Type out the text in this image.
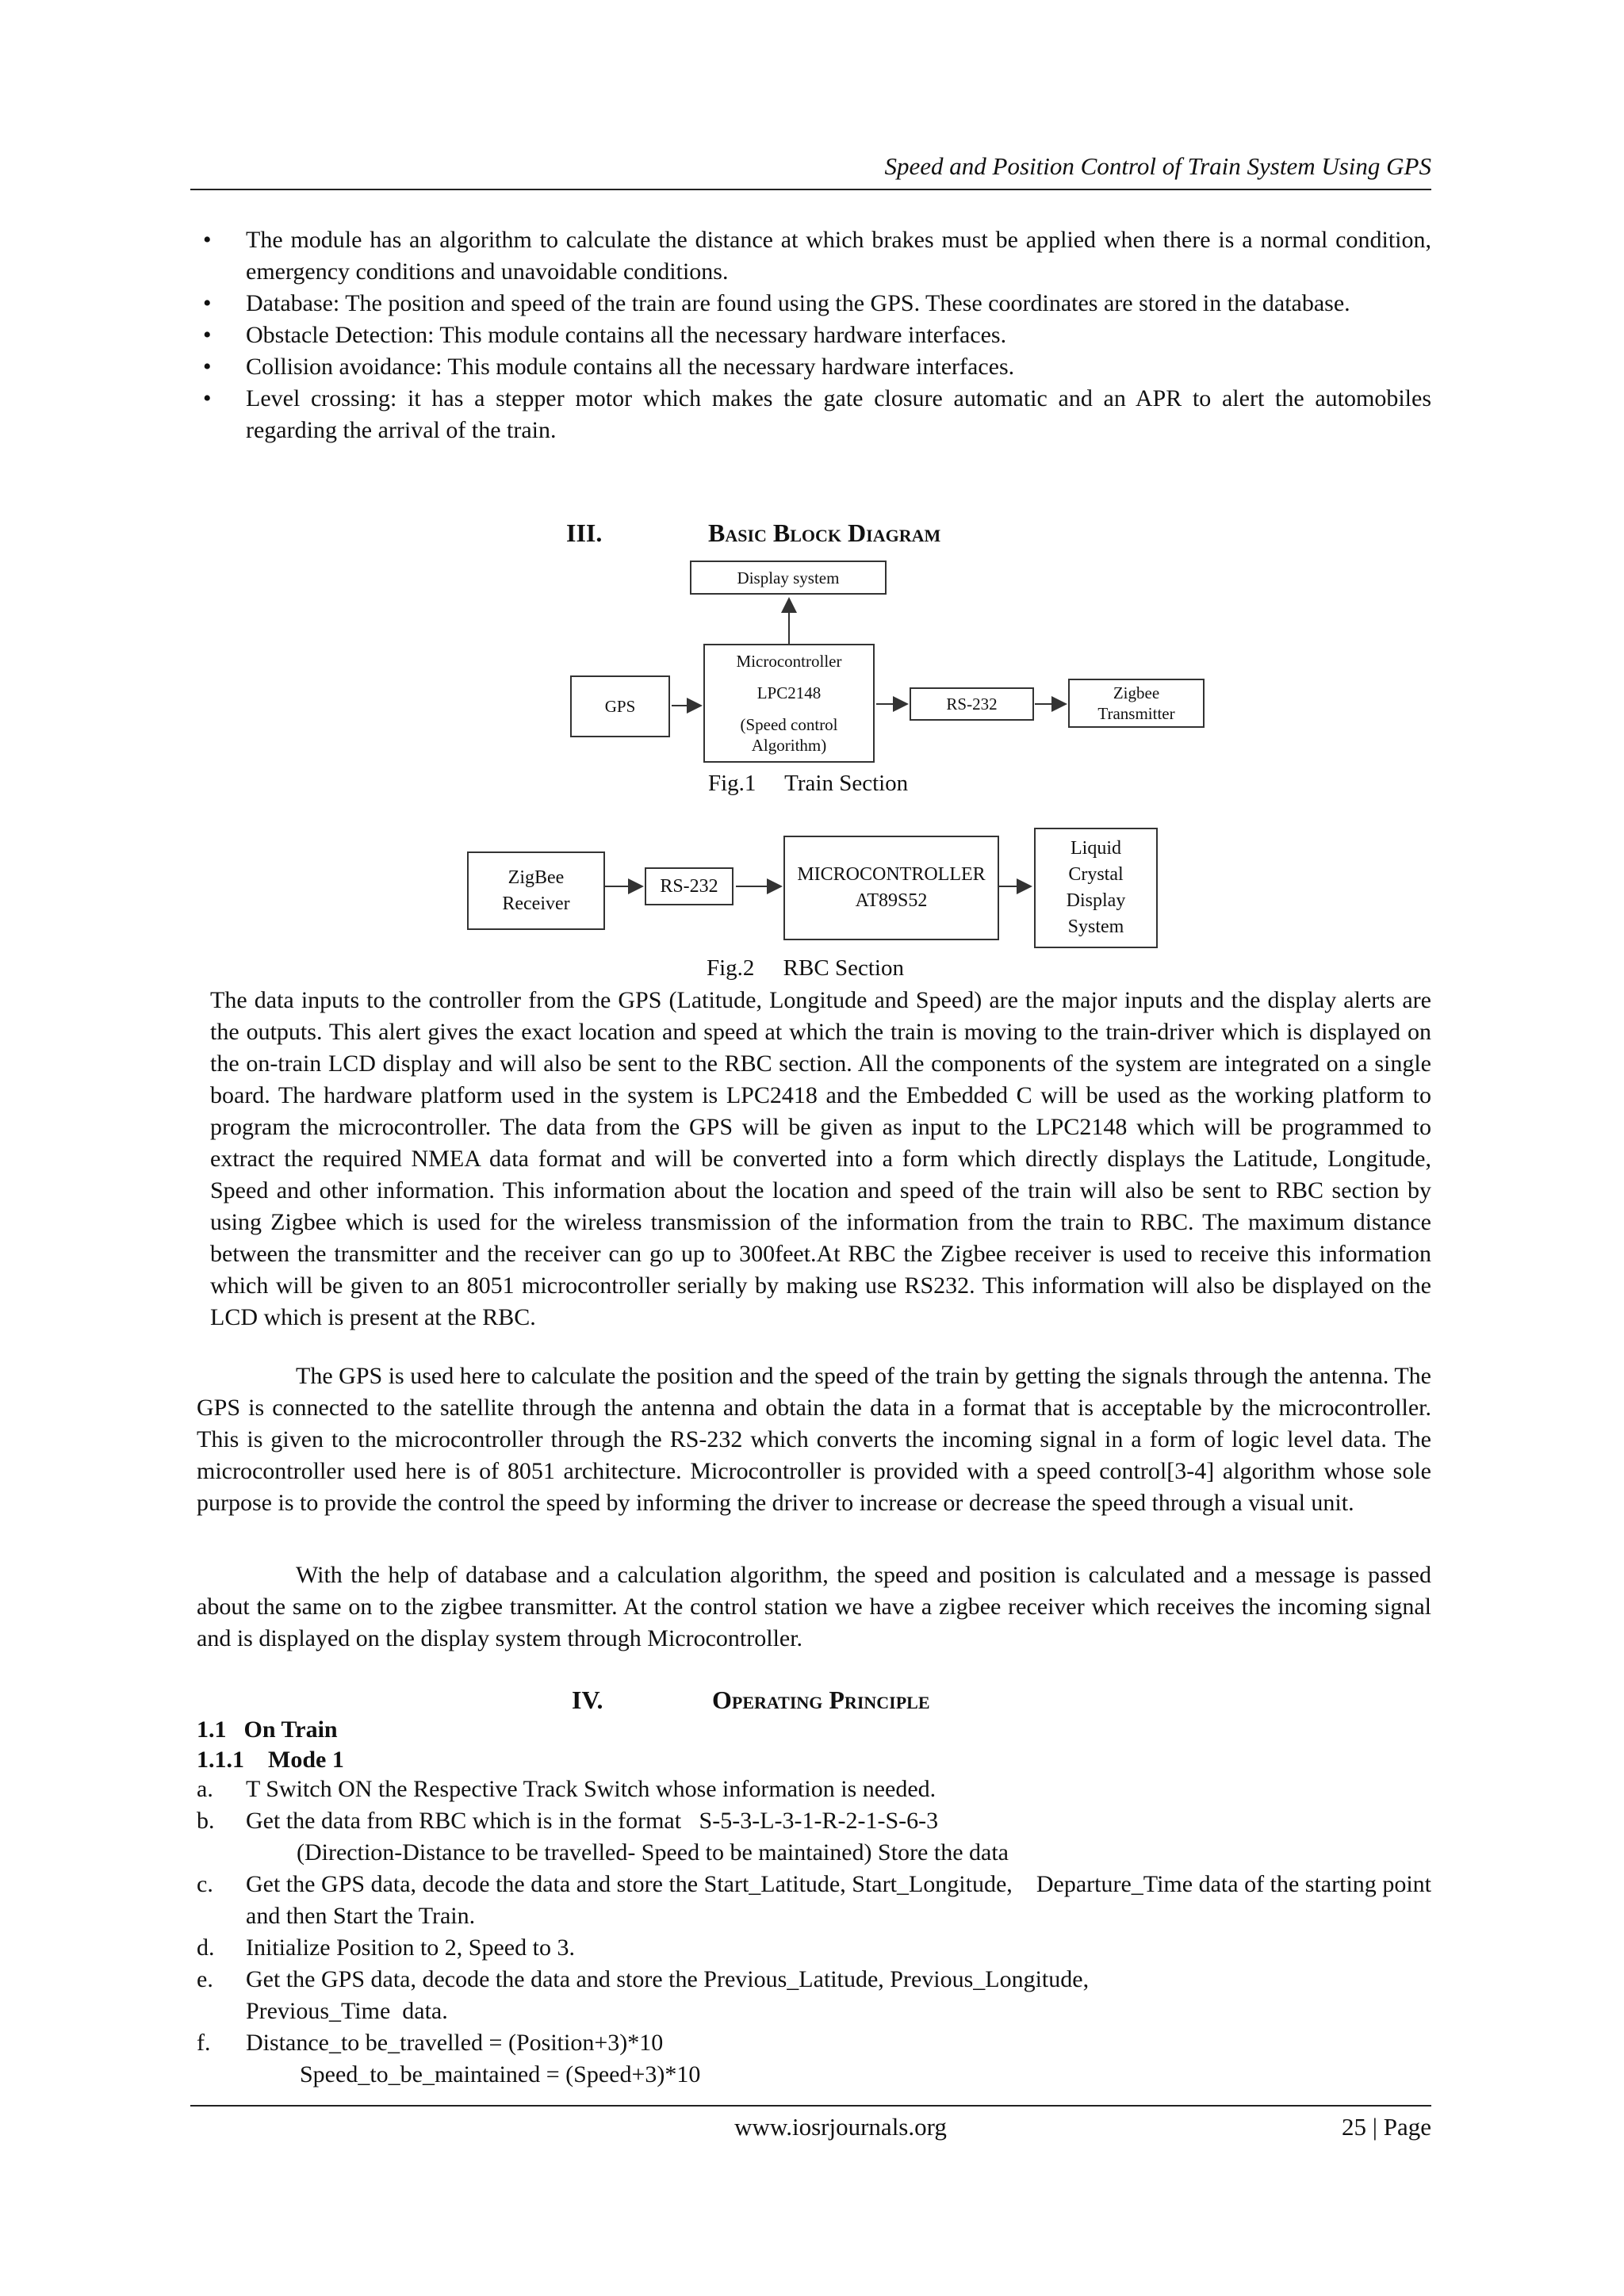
Speed and Position Control of Train System Using GPS
• The module has an algorithm to calculate the distance at which brakes must be applied when there is a normal condition, emergency conditions and unavoidable conditions.
• Database: The position and speed of the train are found using the GPS. These coordinates are stored in the database.
• Obstacle Detection: This module contains all the necessary hardware interfaces.
• Collision avoidance: This module contains all the necessary hardware interfaces.
• Level crossing: it has a stepper motor which makes the gate closure automatic and an APR to alert the automobiles regarding the arrival of the train.
III.	Basic Block Diagram
Display system
Microcontroller
LPC2148
(Speed control
Algorithm)
GPS	RS-232
Zigbee
Transmitter
Fig.1     Train Section
ZigBee
Receiver
RS-232
MICROCONTROLLER
AT89S52
Liquid
Crystal
Display
System
Fig.2     RBC Section

The data inputs to the controller from the GPS (Latitude, Longitude and Speed) are the major inputs and the display alerts are the outputs. This alert gives the exact location and speed at which the train is moving to the train-driver which is displayed on the on-train LCD display and will also be sent to the RBC section. All the components of the system are integrated on a single board. The hardware platform used in the system is LPC2418 and the Embedded C will be used as the working platform to program the microcontroller. The data from the GPS will be given as input to the LPC2148 which will be programmed to extract the required NMEA data format and will be converted into a form which directly displays the Latitude, Longitude, Speed and other information. This information about the location and speed of the train will also be sent to RBC section by using Zigbee which is used for the wireless transmission of the information from the train to RBC. The maximum distance between the transmitter and the receiver can go up to 300feet.At RBC the Zigbee receiver is used to receive this information which will be given to an 8051 microcontroller serially by making use RS232. This information will also be displayed on the LCD which is present at the RBC.

The GPS is used here to calculate the position and the speed of the train by getting the signals through the antenna. The GPS is connected to the satellite through the antenna and obtain the data in a format that is acceptable by the microcontroller. This is given to the microcontroller through the RS-232 which converts the incoming signal in a form of logic level data. The microcontroller used here is of 8051 architecture. Microcontroller is provided with a speed control[3-4] algorithm whose sole purpose is to provide the control the speed by informing the driver to increase or decrease the speed through a visual unit.

With the help of database and a calculation algorithm, the speed and position is calculated and a message is passed about the same on to the zigbee transmitter. At the control station we have a zigbee receiver which receives the incoming signal and is displayed on the display system through Microcontroller.

IV.	Operating Principle
1.1 On Train
1.1.1 Mode 1
a. T Switch ON the Respective Track Switch whose information is needed.
b. Get the data from RBC which is in the format   S-5-3-L-3-1-R-2-1-S-6-3
(Direction-Distance to be travelled- Speed to be maintained) Store the data
c. Get the GPS data, decode the data and store the Start_Latitude, Start_Longitude,    Departure_Time data of the starting point and then Start the Train.
d. Initialize Position to 2, Speed to 3.
e. Get the GPS data, decode the data and store the Previous_Latitude, Previous_Longitude,
Previous_Time  data.
f. Distance_to be_travelled = (Position+3)*10
Speed_to_be_maintained = (Speed+3)*10
www.iosrjournals.org	25 | Page
